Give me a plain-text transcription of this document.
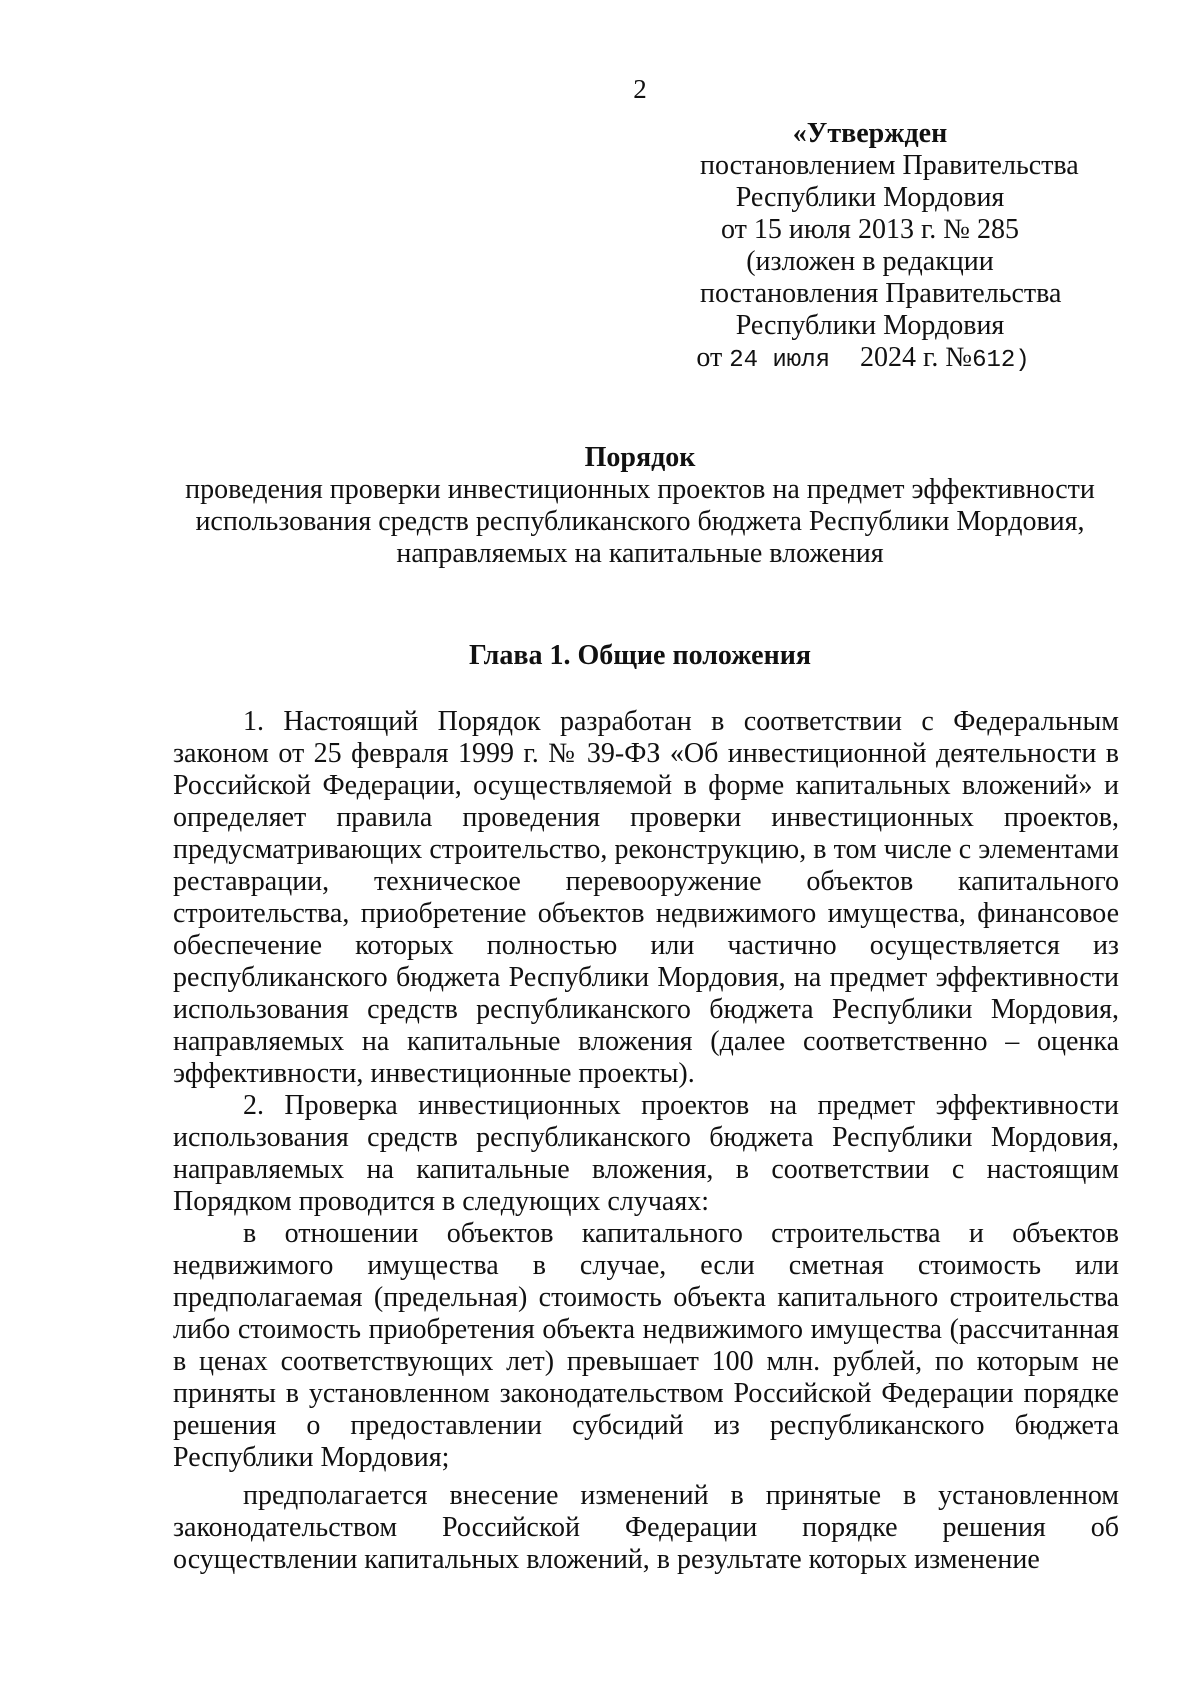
2
«Утвержден
постановлением Правительства
Республики Мордовия
от 15 июля 2013 г. № 285
(изложен в редакции
постановления Правительства
Республики Мордовия
от 24 июля 2024 г. №612)
Порядок
проведения проверки инвестиционных проектов на предмет эффективности
использования средств республиканского бюджета Республики Мордовия,
направляемых на капитальные вложения
Глава 1. Общие положения

1. Настоящий Порядок разработан в соответствии с Федеральным законом от 25 февраля 1999 г. № 39-ФЗ «Об инвестиционной деятельности в Российской Федерации, осуществляемой в форме капитальных вложений» и определяет правила проведения проверки инвестиционных проектов, предусматривающих строительство, реконструкцию, в том числе с элементами реставрации, техническое перевооружение объектов капитального строительства, приобретение объектов недвижимого имущества, финансовое обеспечение которых полностью или частично осуществляется из республиканского бюджета Республики Мордовия, на предмет эффективности использования средств республиканского бюджета Республики Мордовия, направляемых на капитальные вложения (далее соответственно – оценка эффективности, инвестиционные проекты).

2. Проверка инвестиционных проектов на предмет эффективности использования средств республиканского бюджета Республики Мордовия, направляемых на капитальные вложения, в соответствии с настоящим Порядком проводится в следующих случаях:

в отношении объектов капитального строительства и объектов недвижимого имущества в случае, если сметная стоимость или предполагаемая (предельная) стоимость объекта капитального строительства либо стоимость приобретения объекта недвижимого имущества (рассчитанная в ценах соответствующих лет) превышает 100 млн. рублей, по которым не приняты в установленном законодательством Российской Федерации порядке решения о предоставлении субсидий из республиканского бюджета Республики Мордовия;

предполагается внесение изменений в принятые в установленном законодательством Российской Федерации порядке решения об осуществлении капитальных вложений, в результате которых изменение
